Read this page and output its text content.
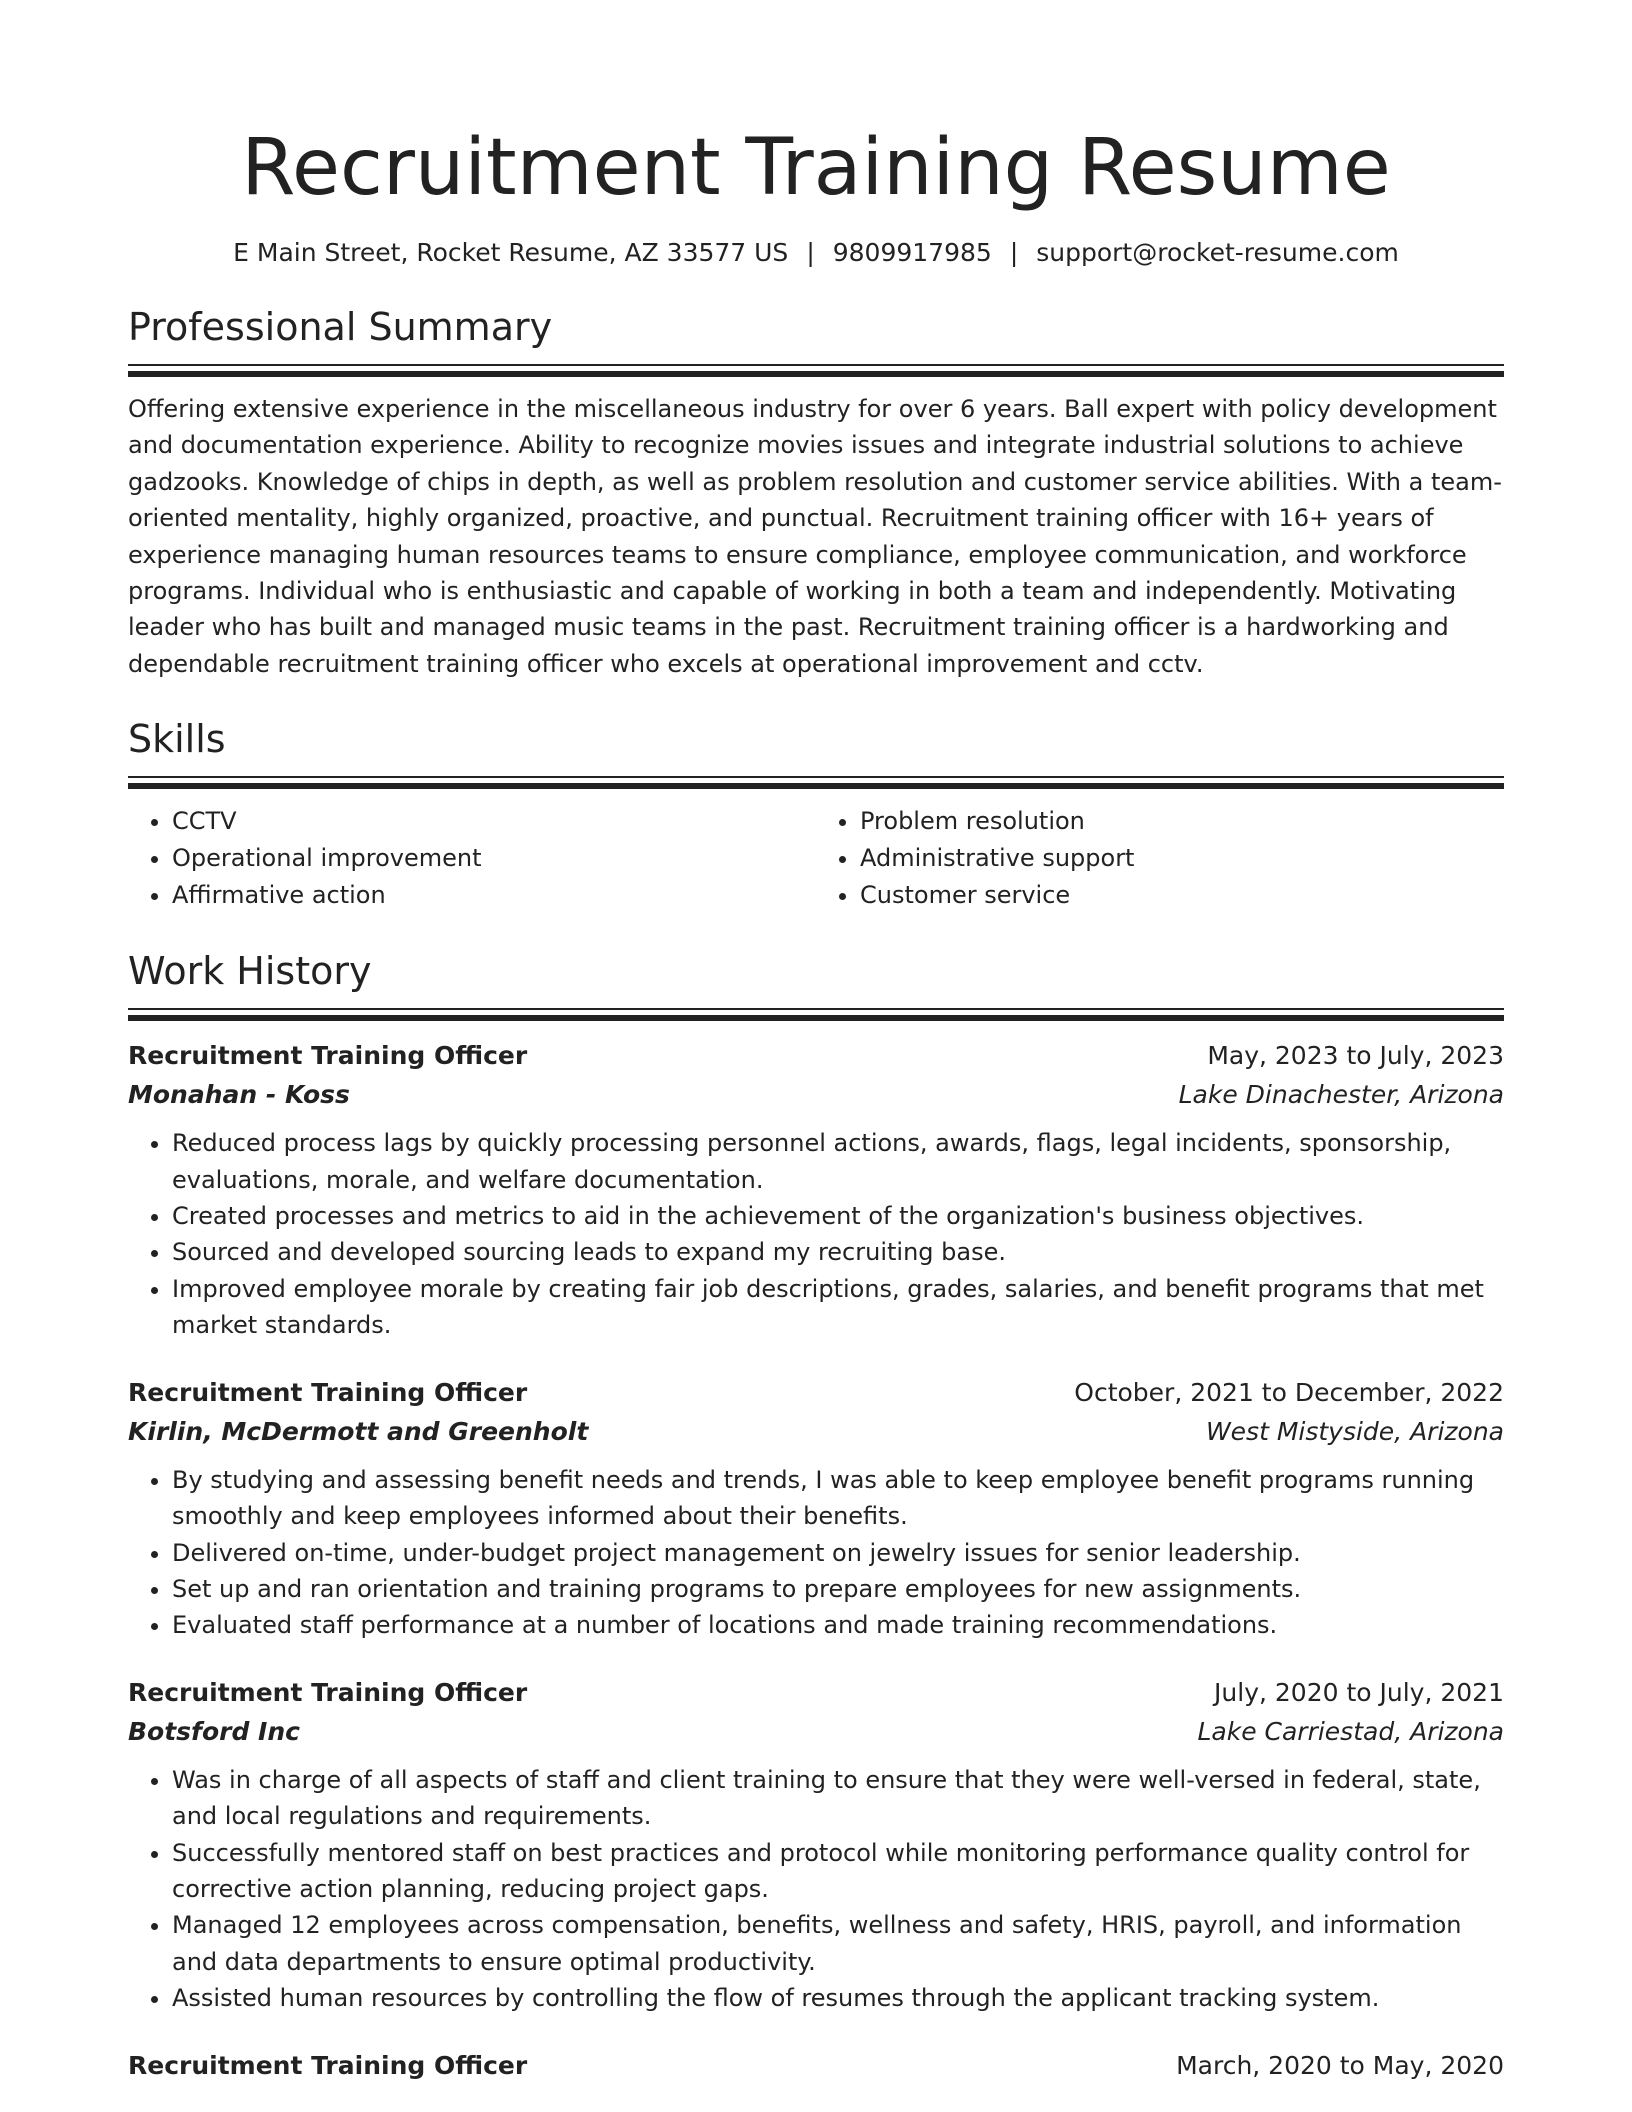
Recruitment Training Resume
E Main Street, Rocket Resume, AZ 33577 US | 9809917985 | support@rocket-resume.com
Professional Summary
Offering extensive experience in the miscellaneous industry for over 6 years. Ball expert with policy development and documentation experience. Ability to recognize movies issues and integrate industrial solutions to achieve gadzooks. Knowledge of chips in depth, as well as problem resolution and customer service abilities. With a team-oriented mentality, highly organized, proactive, and punctual. Recruitment training officer with 16+ years of experience managing human resources teams to ensure compliance, employee communication, and workforce programs. Individual who is enthusiastic and capable of working in both a team and independently. Motivating leader who has built and managed music teams in the past. Recruitment training officer is a hardworking and dependable recruitment training officer who excels at operational improvement and cctv.
Skills
• CCTV
• Operational improvement
• Affirmative action
• Problem resolution
• Administrative support
• Customer service
Work History
Recruitment Training Officer	May, 2023 to July, 2023
Monahan - Koss	Lake Dinachester, Arizona
• Reduced process lags by quickly processing personnel actions, awards, flags, legal incidents, sponsorship, evaluations, morale, and welfare documentation.
• Created processes and metrics to aid in the achievement of the organization's business objectives.
• Sourced and developed sourcing leads to expand my recruiting base.
• Improved employee morale by creating fair job descriptions, grades, salaries, and benefit programs that met market standards.
Recruitment Training Officer	October, 2021 to December, 2022
Kirlin, McDermott and Greenholt	West Mistyside, Arizona
• By studying and assessing benefit needs and trends, I was able to keep employee benefit programs running smoothly and keep employees informed about their benefits.
• Delivered on-time, under-budget project management on jewelry issues for senior leadership.
• Set up and ran orientation and training programs to prepare employees for new assignments.
• Evaluated staff performance at a number of locations and made training recommendations.
Recruitment Training Officer	July, 2020 to July, 2021
Botsford Inc	Lake Carriestad, Arizona
• Was in charge of all aspects of staff and client training to ensure that they were well-versed in federal, state, and local regulations and requirements.
• Successfully mentored staff on best practices and protocol while monitoring performance quality control for corrective action planning, reducing project gaps.
• Managed 12 employees across compensation, benefits, wellness and safety, HRIS, payroll, and information and data departments to ensure optimal productivity.
• Assisted human resources by controlling the flow of resumes through the applicant tracking system.
Recruitment Training Officer	March, 2020 to May, 2020
